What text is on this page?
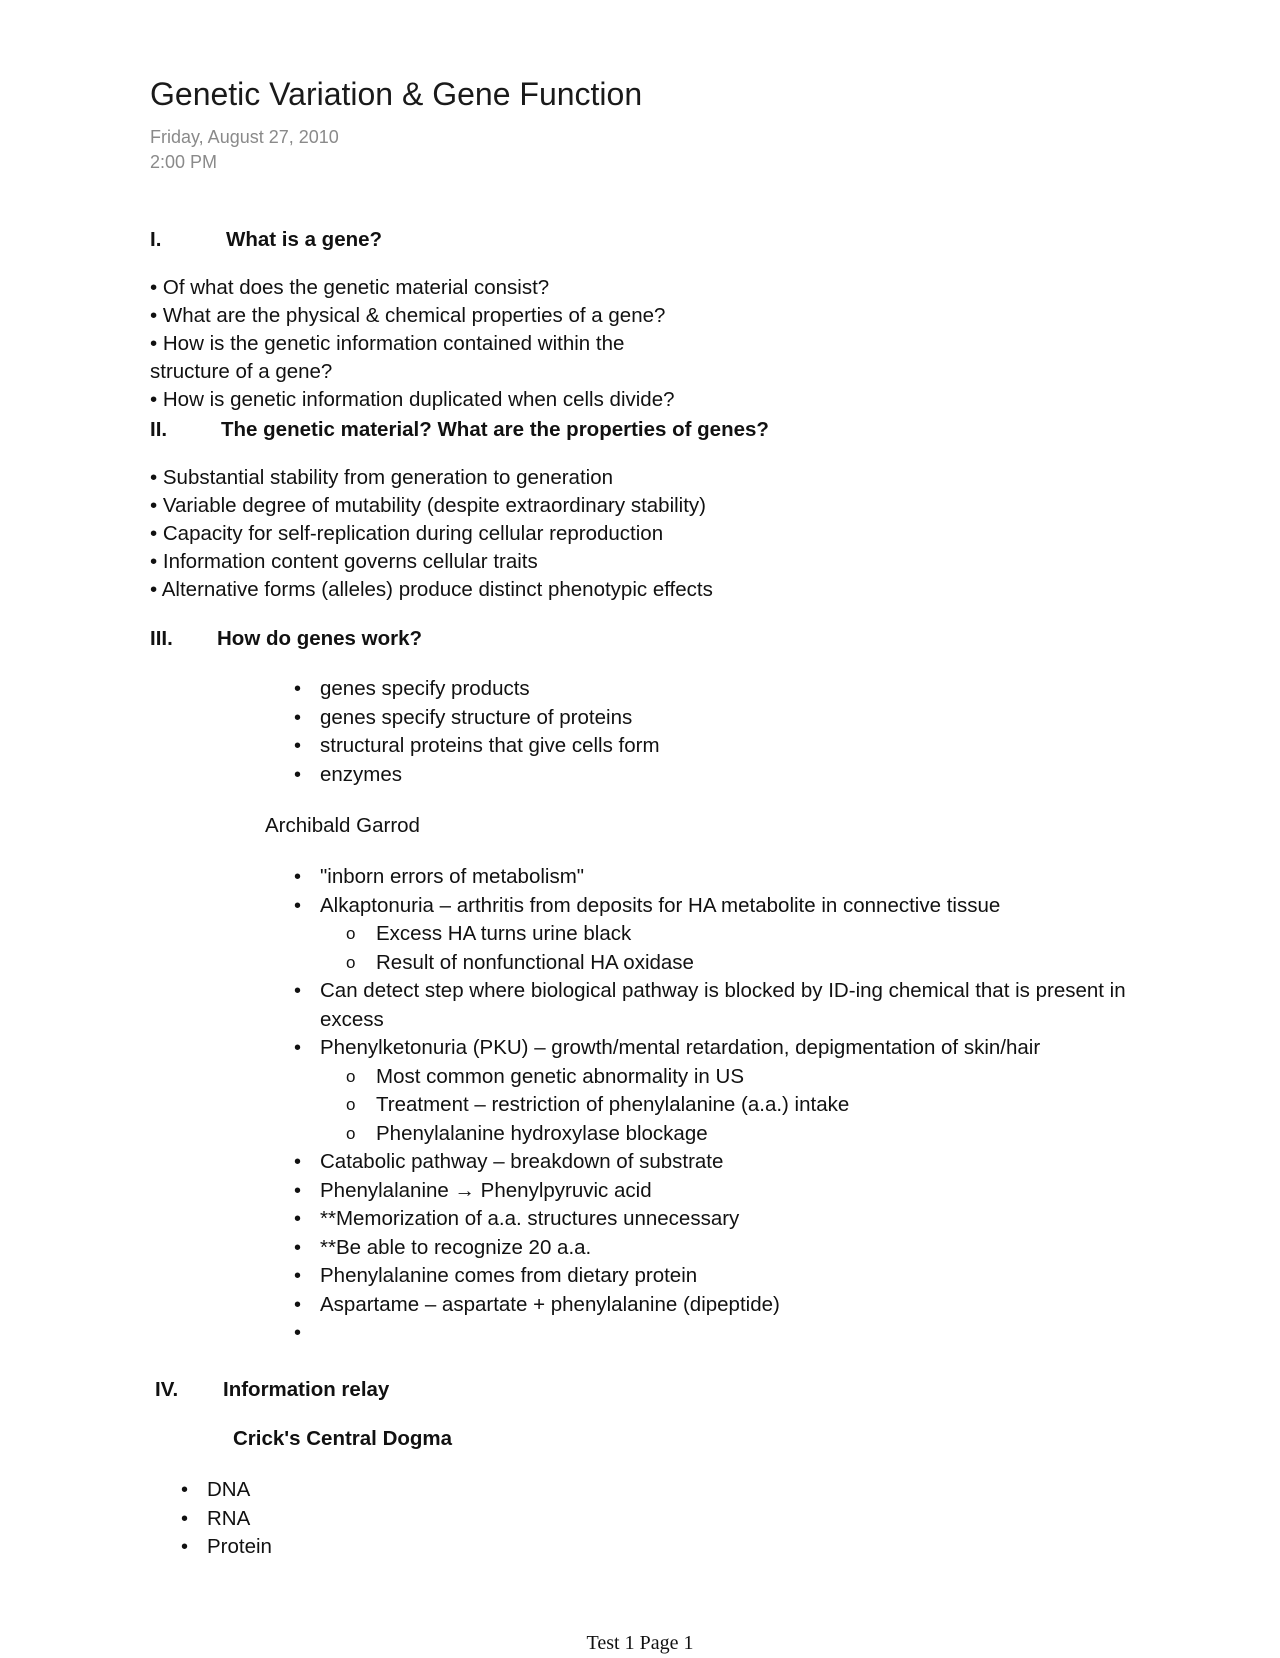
Genetic Variation & Gene Function
Friday, August 27, 2010
2:00 PM
I.	What is a gene?
• Of what does the genetic material consist?
• What are the physical & chemical properties of a gene?
• How is the genetic information contained within the
structure of a gene?
• How is genetic information duplicated when cells divide?
II.	The genetic material? What are the properties of genes?
• Substantial stability from generation to generation
• Variable degree of mutability (despite extraordinary stability)
• Capacity for self-replication during cellular reproduction
• Information content governs cellular traits
• Alternative forms (alleles) produce distinct phenotypic effects
III. How do genes work?
• genes specify products
• genes specify structure of proteins
• structural proteins that give cells form
• enzymes
Archibald Garrod
• "inborn errors of metabolism"
• Alkaptonuria – arthritis from deposits for HA metabolite in connective tissue
o Excess HA turns urine black
o Result of nonfunctional HA oxidase
• Can detect step where biological pathway is blocked by ID-ing chemical that is present in excess
• Phenylketonuria (PKU) – growth/mental retardation, depigmentation of skin/hair
o Most common genetic abnormality in US
o Treatment – restriction of phenylalanine (a.a.) intake
o Phenylalanine hydroxylase blockage
• Catabolic pathway – breakdown of substrate
• Phenylalanine → Phenylpyruvic acid
• **Memorization of a.a. structures unnecessary
• **Be able to recognize 20 a.a.
• Phenylalanine comes from dietary protein
• Aspartame – aspartate + phenylalanine (dipeptide)
•
IV. Information relay
Crick's Central Dogma
• DNA
• RNA
• Protein
Test 1 Page 1
